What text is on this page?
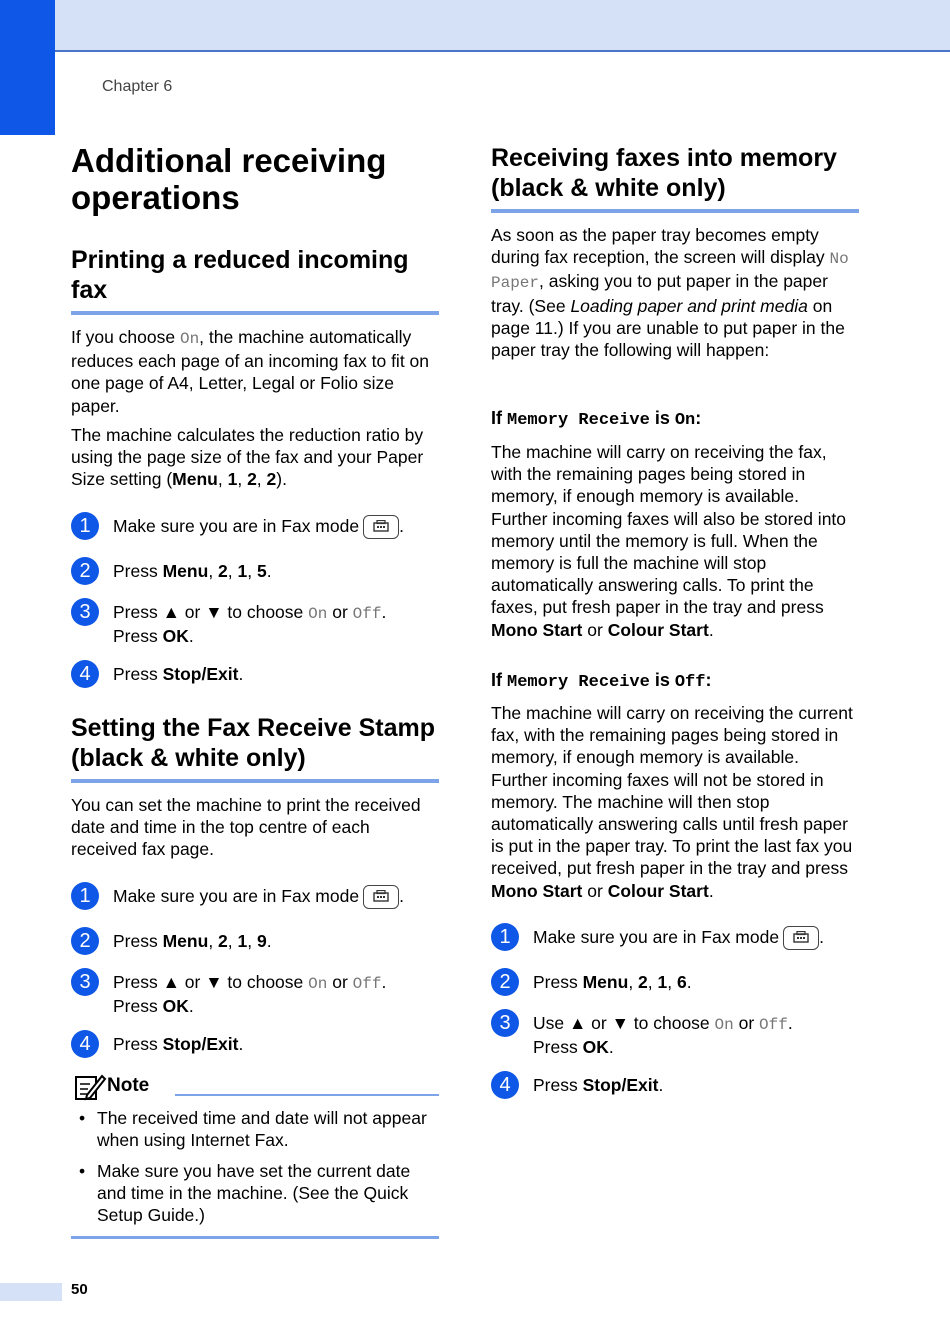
Chapter 6
Additional receiving operations
Printing a reduced incoming fax

If you choose On, the machine automatically reduces each page of an incoming fax to fit on one page of A4, Letter, Legal or Folio size paper.

The machine calculates the reduction ratio by using the page size of the fax and your Paper Size setting (Menu, 1, 2, 2).

1	Make sure you are in Fax mode .
2	Press Menu, 2, 1, 5.
3	Press ▲ or ▼ to choose On or Off.
Press OK.
4	Press Stop/Exit.
Setting the Fax Receive Stamp (black & white only)

You can set the machine to print the received date and time in the top centre of each received fax page.

1	Make sure you are in Fax mode .
2	Press Menu, 2, 1, 9.
3	Press ▲ or ▼ to choose On or Off.
Press OK.
4	Press Stop/Exit.
Note
• The received time and date will not appear when using Internet Fax.
• Make sure you have set the current date and time in the machine. (See the Quick Setup Guide.)
Receiving faxes into memory (black & white only)

As soon as the paper tray becomes empty during fax reception, the screen will display No Paper, asking you to put paper in the paper tray. (See Loading paper and print media on page 11.) If you are unable to put paper in the paper tray the following will happen:

If Memory Receive is On:

The machine will carry on receiving the fax, with the remaining pages being stored in memory, if enough memory is available. Further incoming faxes will also be stored into memory until the memory is full. When the memory is full the machine will stop automatically answering calls. To print the faxes, put fresh paper in the tray and press Mono Start or Colour Start.

If Memory Receive is Off:

The machine will carry on receiving the current fax, with the remaining pages being stored in memory, if enough memory is available. Further incoming faxes will not be stored in memory. The machine will then stop automatically answering calls until fresh paper is put in the paper tray. To print the last fax you received, put fresh paper in the tray and press Mono Start or Colour Start.

1	Make sure you are in Fax mode .
2	Press Menu, 2, 1, 6.
3	Use ▲ or ▼ to choose On or Off.
Press OK.
4	Press Stop/Exit.
50
